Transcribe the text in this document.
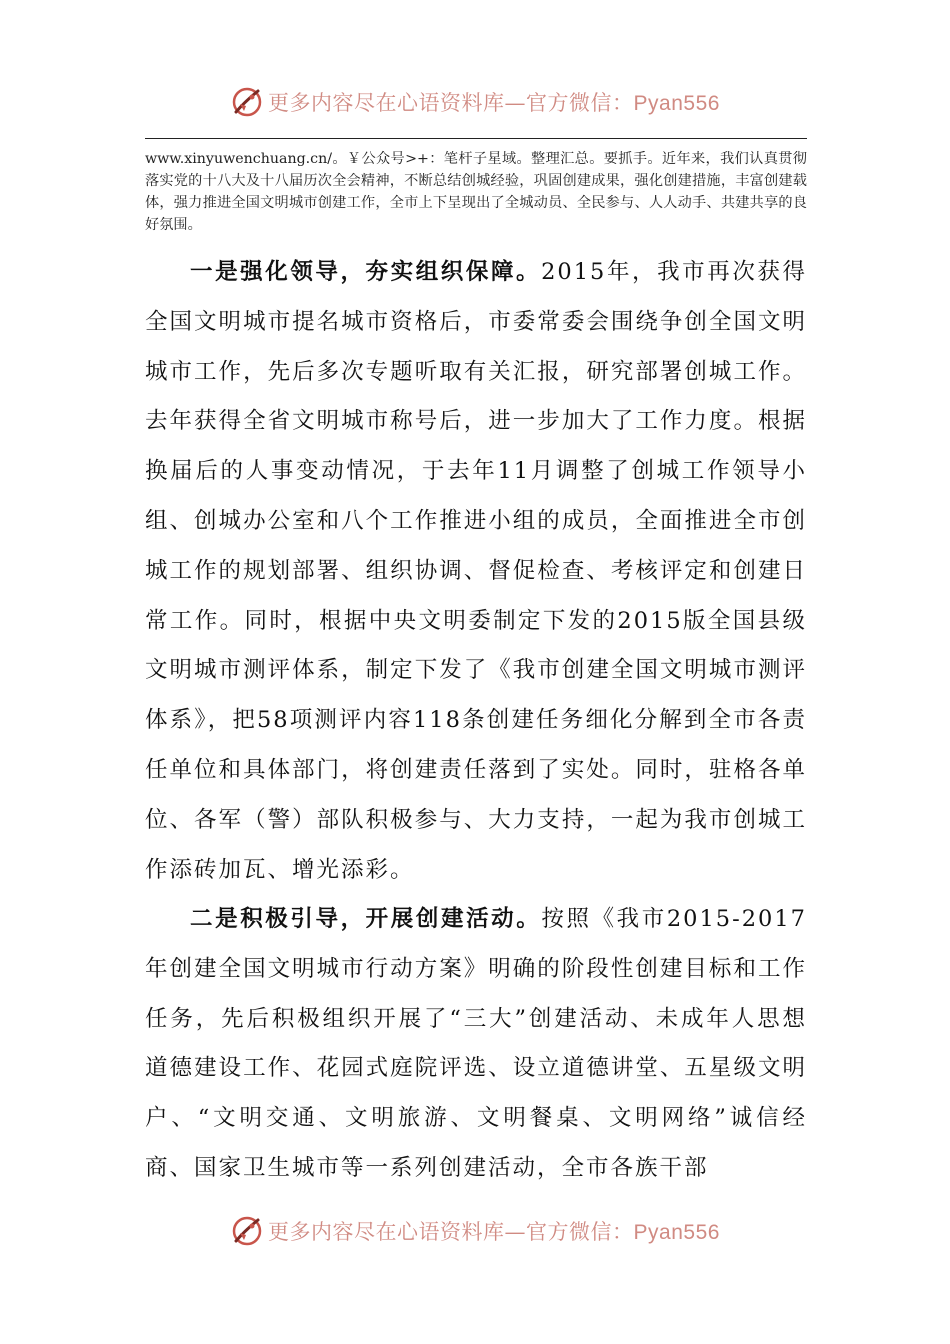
更多内容尽在心语资料库—官方微信：Pyan556
www.xinyuwenchuang.cn/。￥公众号>+：笔杆子星域。整理汇总。要抓手。近年来，我们认真贯彻落实党的十八大及十八届历次全会精神，不断总结创城经验，巩固创建成果，强化创建措施，丰富创建载体，强力推进全国文明城市创建工作，全市上下呈现出了全城动员、全民参与、人人动手、共建共享的良好氛围。
一是强化领导，夯实组织保障。2015年，我市再次获得全国文明城市提名城市资格后，市委常委会围绕争创全国文明城市工作，先后多次专题听取有关汇报，研究部署创城工作。去年获得全省文明城市称号后，进一步加大了工作力度。根据换届后的人事变动情况，于去年11月调整了创城工作领导小组、创城办公室和八个工作推进小组的成员，全面推进全市创城工作的规划部署、组织协调、督促检查、考核评定和创建日常工作。同时，根据中央文明委制定下发的2015版全国县级文明城市测评体系，制定下发了《我市创建全国文明城市测评体系》，把58项测评内容118条创建任务细化分解到全市各责任单位和具体部门，将创建责任落到了实处。同时，驻格各单位、各军（警）部队积极参与、大力支持，一起为我市创城工作添砖加瓦、增光添彩。
二是积极引导，开展创建活动。按照《我市2015-2017年创建全国文明城市行动方案》明确的阶段性创建目标和工作任务，先后积极组织开展了“三大”创建活动、未成年人思想道德建设工作、花园式庭院评选、设立道德讲堂、五星级文明户、“文明交通、文明旅游、文明餐桌、文明网络”诚信经商、国家卫生城市等一系列创建活动，全市各族干部
更多内容尽在心语资料库—官方微信：Pyan556
